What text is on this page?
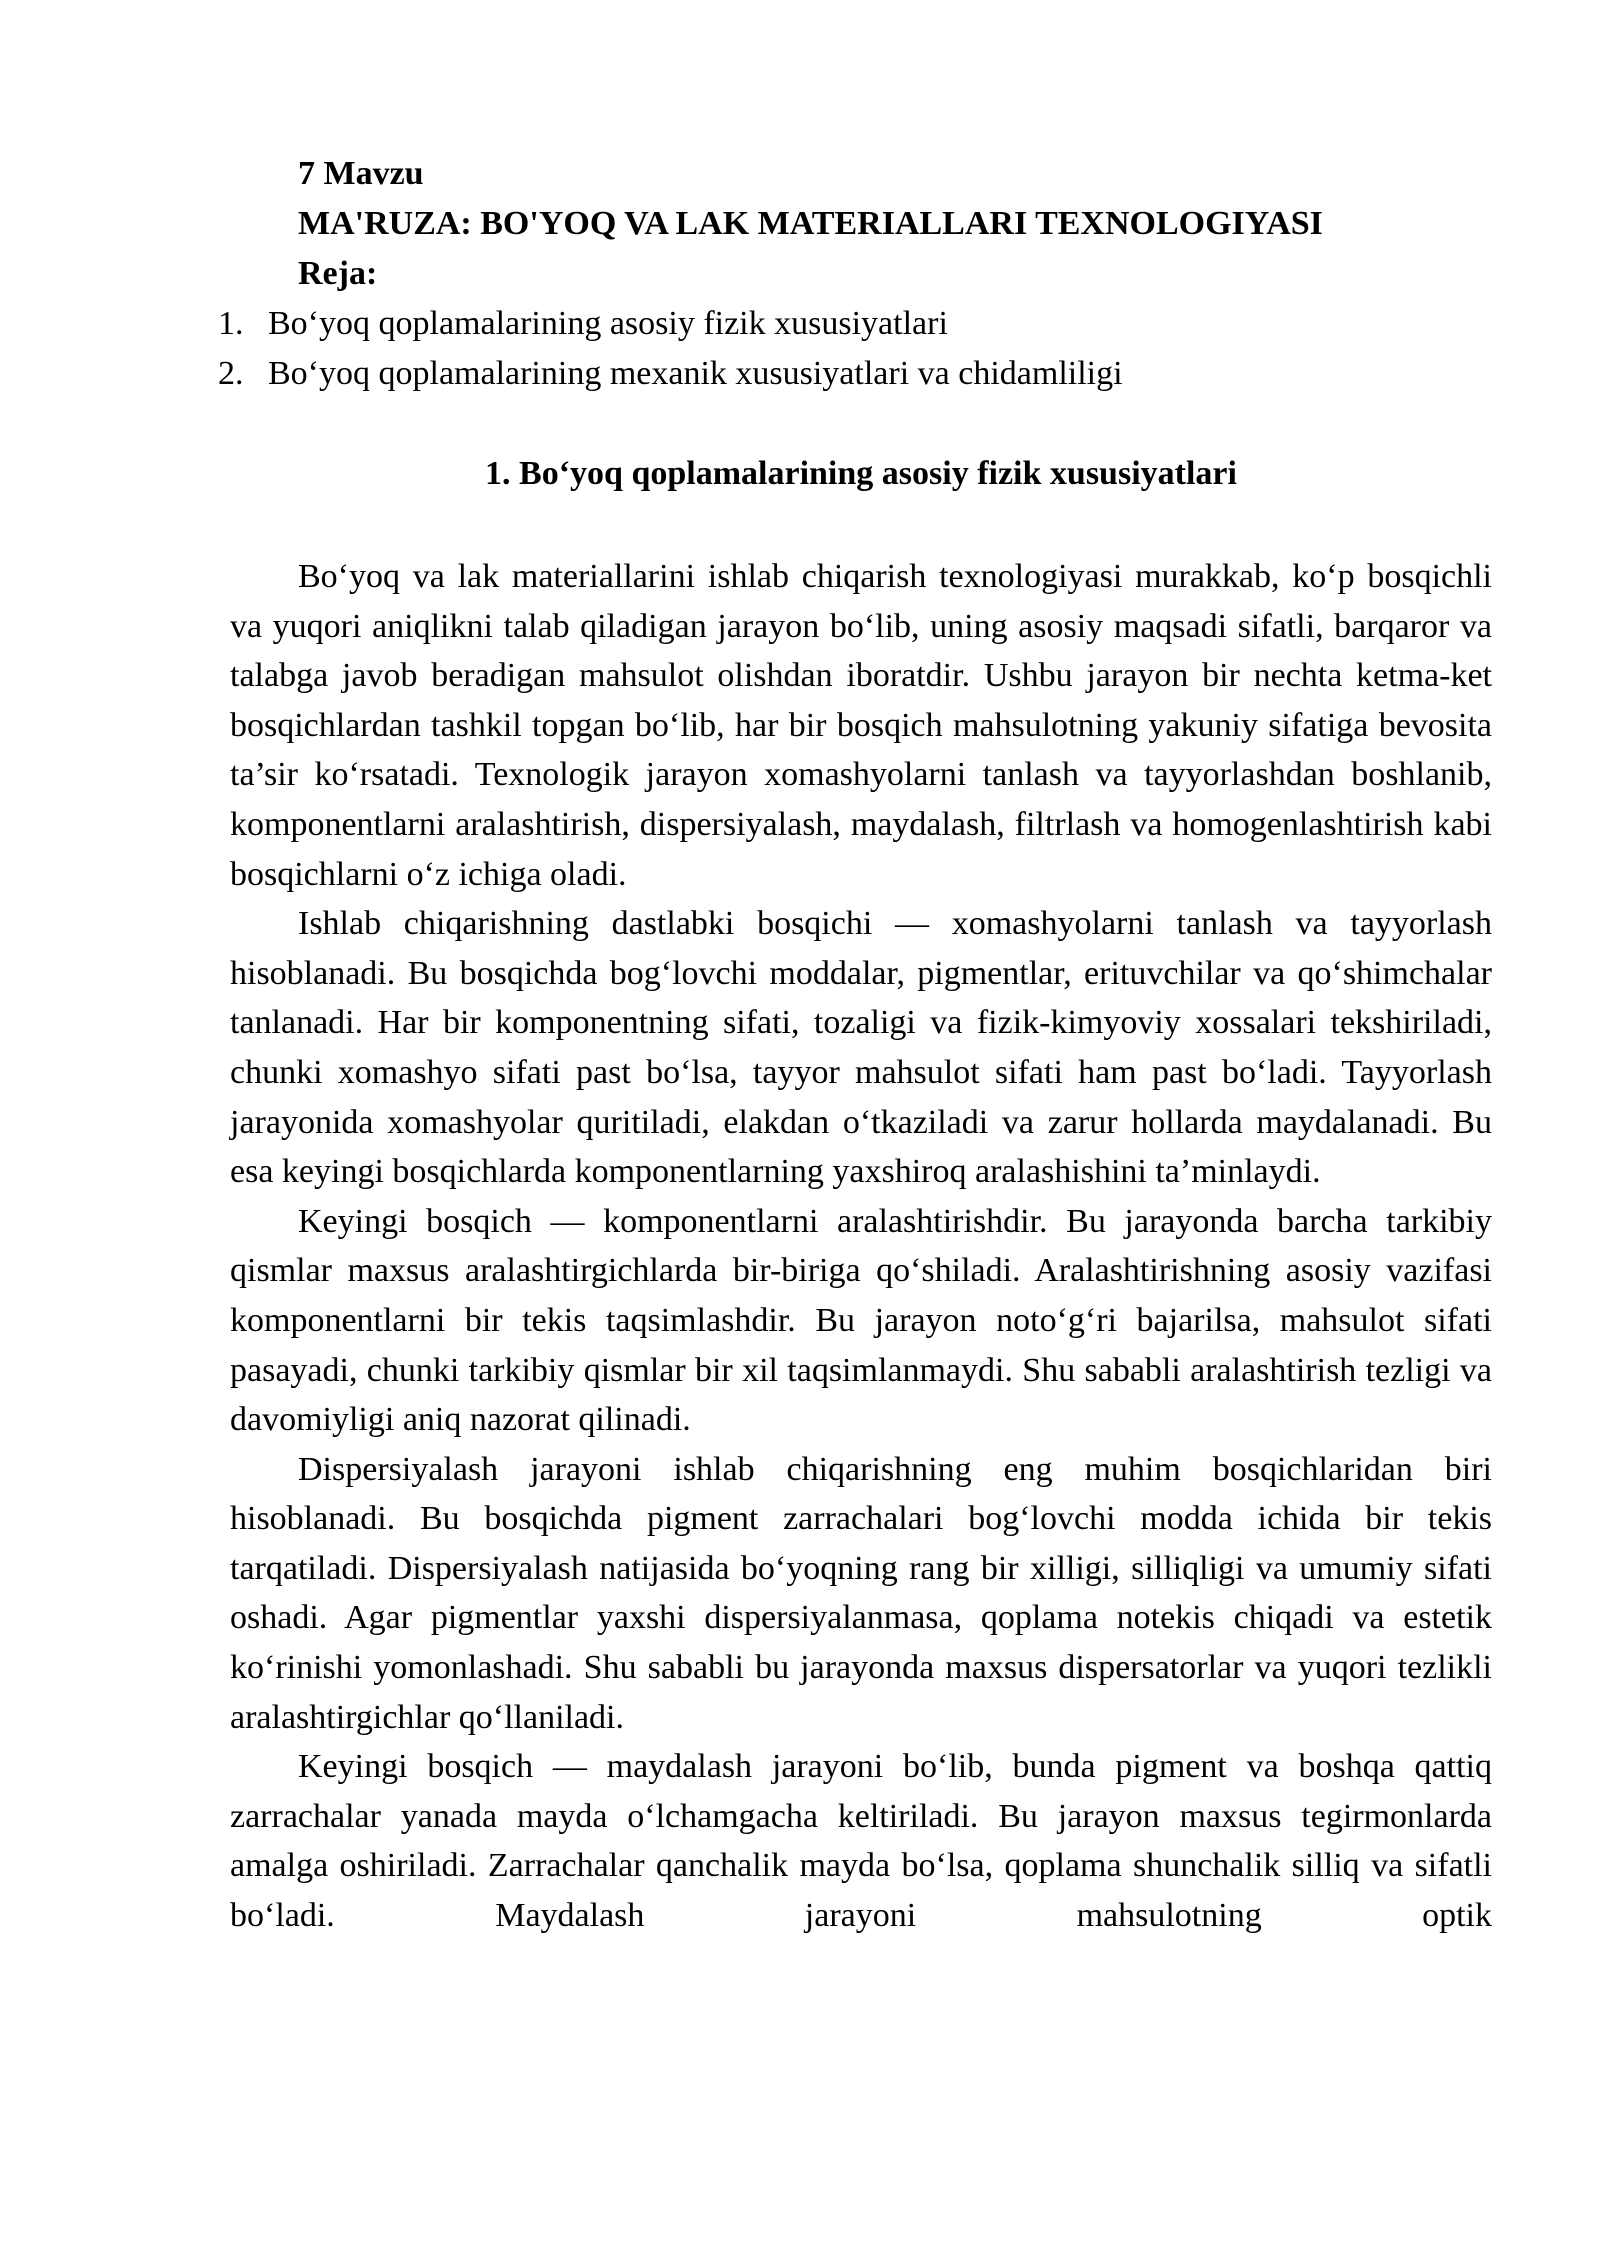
7 Mavzu
MA'RUZA: BO'YOQ VA LAK MATERIALLARI TEXNOLOGIYASI
Reja:
1. Bo‘yoq qoplamalarining asosiy fizik xususiyatlari
2. Bo‘yoq qoplamalarining mexanik xususiyatlari va chidamliligi
1. Bo‘yoq qoplamalarining asosiy fizik xususiyatlari

Bo‘yoq va lak materiallarini ishlab chiqarish texnologiyasi murakkab, ko‘p bosqichli va yuqori aniqlikni talab qiladigan jarayon bo‘lib, uning asosiy maqsadi sifatli, barqaror va talabga javob beradigan mahsulot olishdan iboratdir. Ushbu jarayon bir nechta ketma-ket bosqichlardan tashkil topgan bo‘lib, har bir bosqich mahsulotning yakuniy sifatiga bevosita ta’sir ko‘rsatadi. Texnologik jarayon xomashyolarni tanlash va tayyorlashdan boshlanib, komponentlarni aralashtirish, dispersiyalash, maydalash, filtrlash va homogenlashtirish kabi bosqichlarni o‘z ichiga oladi.

Ishlab chiqarishning dastlabki bosqichi — xomashyolarni tanlash va tayyorlash hisoblanadi. Bu bosqichda bog‘lovchi moddalar, pigmentlar, erituvchilar va qo‘shimchalar tanlanadi. Har bir komponentning sifati, tozaligi va fizik-kimyoviy xossalari tekshiriladi, chunki xomashyo sifati past bo‘lsa, tayyor mahsulot sifati ham past bo‘ladi. Tayyorlash jarayonida xomashyolar quritiladi, elakdan o‘tkaziladi va zarur hollarda maydalanadi. Bu esa keyingi bosqichlarda komponentlarning yaxshiroq aralashishini ta’minlaydi.

Keyingi bosqich — komponentlarni aralashtirishdir. Bu jarayonda barcha tarkibiy qismlar maxsus aralashtirgichlarda bir-biriga qo‘shiladi. Aralashtirishning asosiy vazifasi komponentlarni bir tekis taqsimlashdir. Bu jarayon noto‘g‘ri bajarilsa, mahsulot sifati pasayadi, chunki tarkibiy qismlar bir xil taqsimlanmaydi. Shu sababli aralashtirish tezligi va davomiyligi aniq nazorat qilinadi.

Dispersiyalash jarayoni ishlab chiqarishning eng muhim bosqichlaridan biri hisoblanadi. Bu bosqichda pigment zarrachalari bog‘lovchi modda ichida bir tekis tarqatiladi. Dispersiyalash natijasida bo‘yoqning rang bir xilligi, silliqligi va umumiy sifati oshadi. Agar pigmentlar yaxshi dispersiyalanmasa, qoplama notekis chiqadi va estetik ko‘rinishi yomonlashadi. Shu sababli bu jarayonda maxsus dispersatorlar va yuqori tezlikli aralashtirgichlar qo‘llaniladi.

Keyingi bosqich — maydalash jarayoni bo‘lib, bunda pigment va boshqa qattiq zarrachalar yanada mayda o‘lchamgacha keltiriladi. Bu jarayon maxsus tegirmonlarda amalga oshiriladi. Zarrachalar qanchalik mayda bo‘lsa, qoplama shunchalik silliq va sifatli bo‘ladi. Maydalash jarayoni mahsulotning optik
